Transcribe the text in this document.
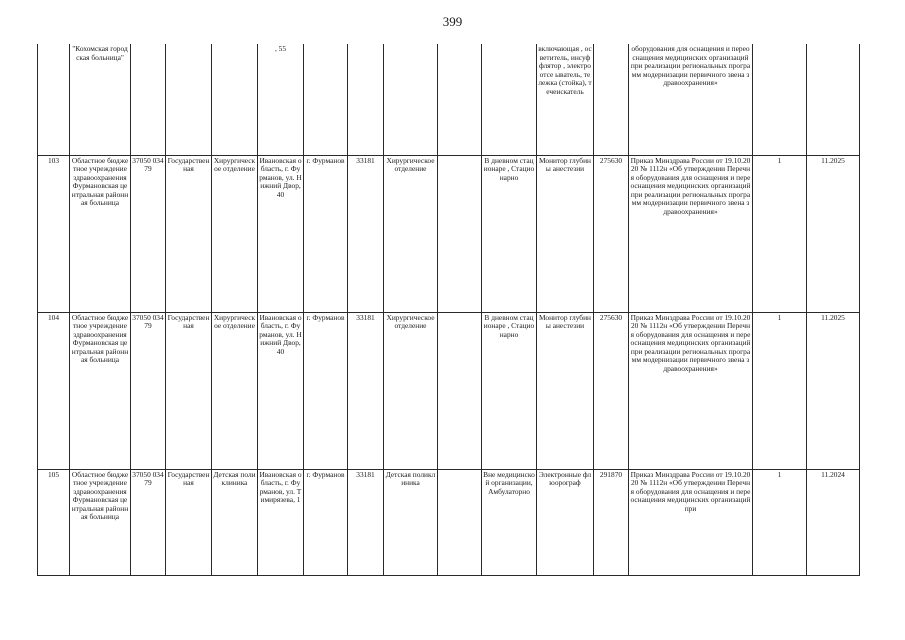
399
	"Кохомская городская больница"				, 55						включающая , осветитель, инсуффлятор , электроотсе ыватель, тележка (стойка), течеискатель		оборудования для оснащения и переоснащения медицинских организаций при реализации региональных программ модернизации первичного звена здравоохранения»		
103	Областное бюджетное учреждение здравоохранения Фурмановская центральная районная больница	37050 03479	Государственная	Хирургическое отделение	Ивановская область, г. Фурманов, ул. Нижний Двор, 40	г. Фурманов	33181	Хирургическое отделение		В дневном стационаре , Стационарно	Монитор глубины анестезии	275630	Приказ Минздрава России от 19.10.2020 № 1112н «Об утверждении Перечня оборудования для оснащения и переоснащения медицинских организаций при реализации региональных программ модернизации первичного звена здравоохранения»	1	11.2025
104	Областное бюджетное учреждение здравоохранения Фурмановская центральная районная больница	37050 03479	Государственная	Хирургическое отделение	Ивановская область, г. Фурманов, ул. Нижний Двор, 40	г. Фурманов	33181	Хирургическое отделение		В дневном стационаре , Стационарно	Монитор глубины анестезии	275630	Приказ Минздрава России от 19.10.2020 № 1112н «Об утверждении Перечня оборудования для оснащения и переоснащения медицинских организаций при реализации региональных программ модернизации первичного звена здравоохранения»	1	11.2025
105	Областное бюджетное учреждение здравоохранения Фурмановская центральная районная больница	37050 03479	Государственная	Детская поликлиника	Ивановская область, г. Фурманов, ул. Тимирязева, 1	г. Фурманов	33181	Детская поликлиника		Вне медицинской организации, Амбулаторно	Электронные флюорограф	291870	Приказ Минздрава России от 19.10.2020 № 1112н «Об утверждении Перечня оборудования для оснащения и переоснащения медицинских организаций при	1	11.2024
